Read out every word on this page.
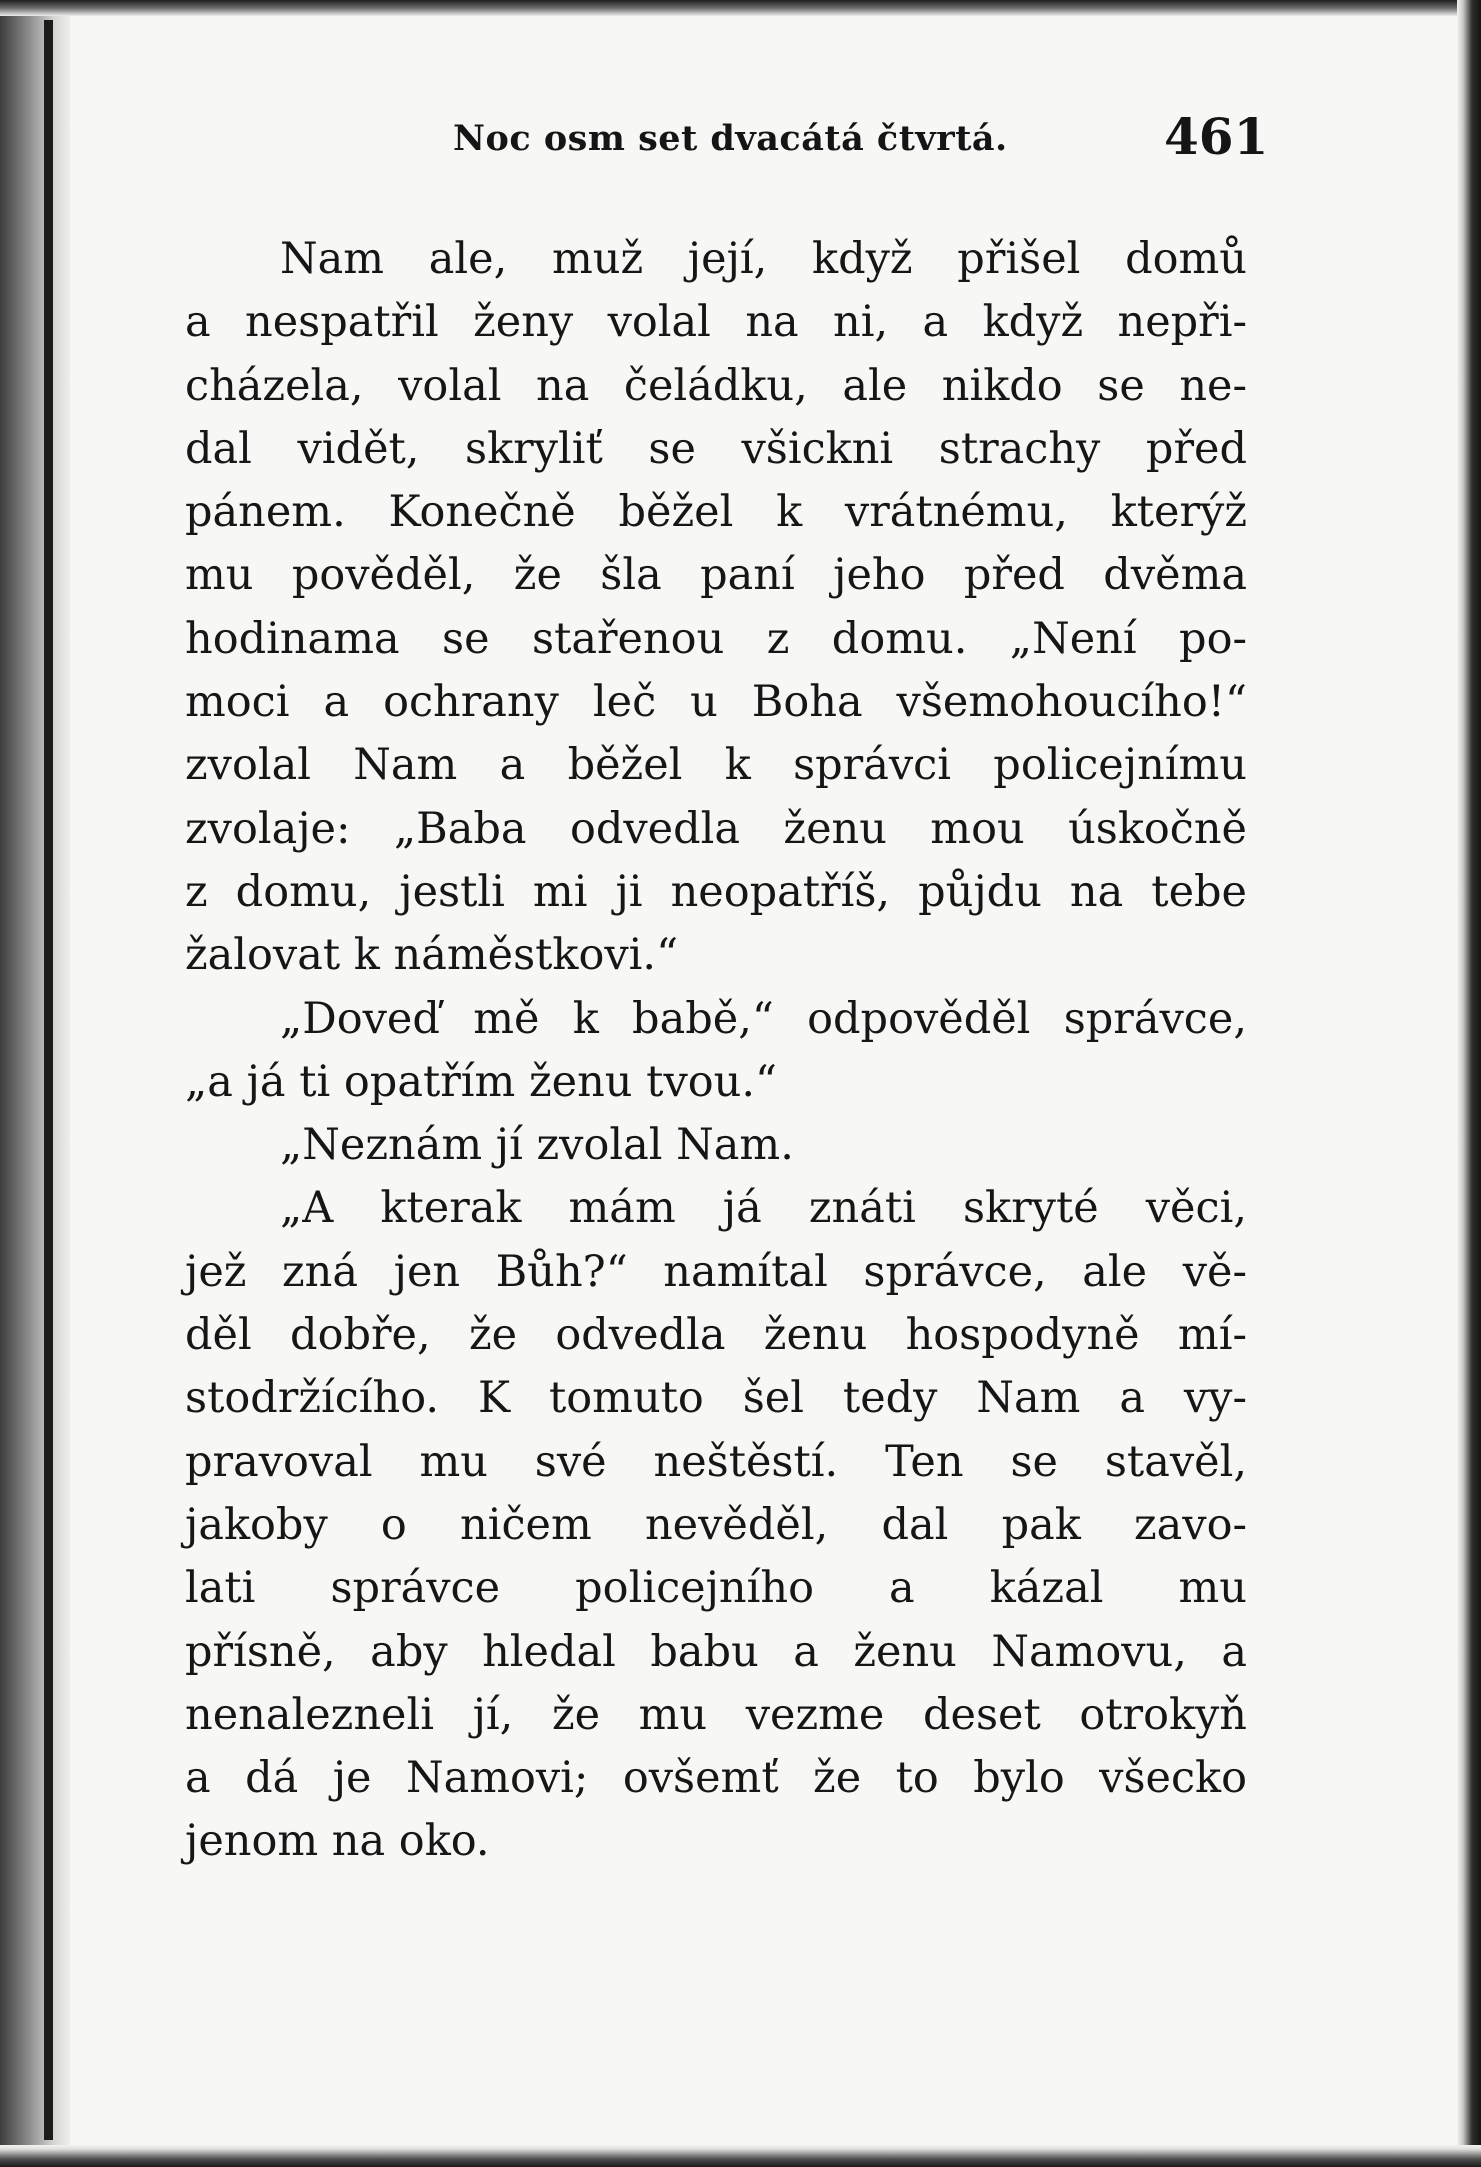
Noc osm set dvacátá čtvrtá.	461
Nam ale, muž její, když přišel domů
a nespatřil ženy volal na ni, a když nepři-
cházela, volal na čeládku, ale nikdo se ne-
dal vidět, skryliť se všickni strachy před
pánem. Konečně běžel k vrátnému, kterýž
mu pověděl, že šla paní jeho před dvěma
hodinama se stařenou z domu. „Není po-
moci a ochrany leč u Boha všemohoucího!“
zvolal Nam a běžel k správci policejnímu
zvolaje: „Baba odvedla ženu mou úskočně
z domu, jestli mi ji neopatříš, půjdu na tebe
žalovat k náměstkovi.“
„Doveď mě k babě,“ odpověděl správce,
„a já ti opatřím ženu tvou.“
„Neznám jí zvolal Nam.
„A kterak mám já znáti skryté věci,
jež zná jen Bůh?“ namítal správce, ale vě-
děl dobře, že odvedla ženu hospodyně mí-
stodržícího. K tomuto šel tedy Nam a vy-
pravoval mu své neštěstí. Ten se stavěl,
jakoby o ničem nevěděl, dal pak zavo-
lati správce policejního a kázal mu
přísně, aby hledal babu a ženu Namovu, a
nenalezneli jí, že mu vezme deset otrokyň
a dá je Namovi; ovšemť že to bylo všecko
jenom na oko.
